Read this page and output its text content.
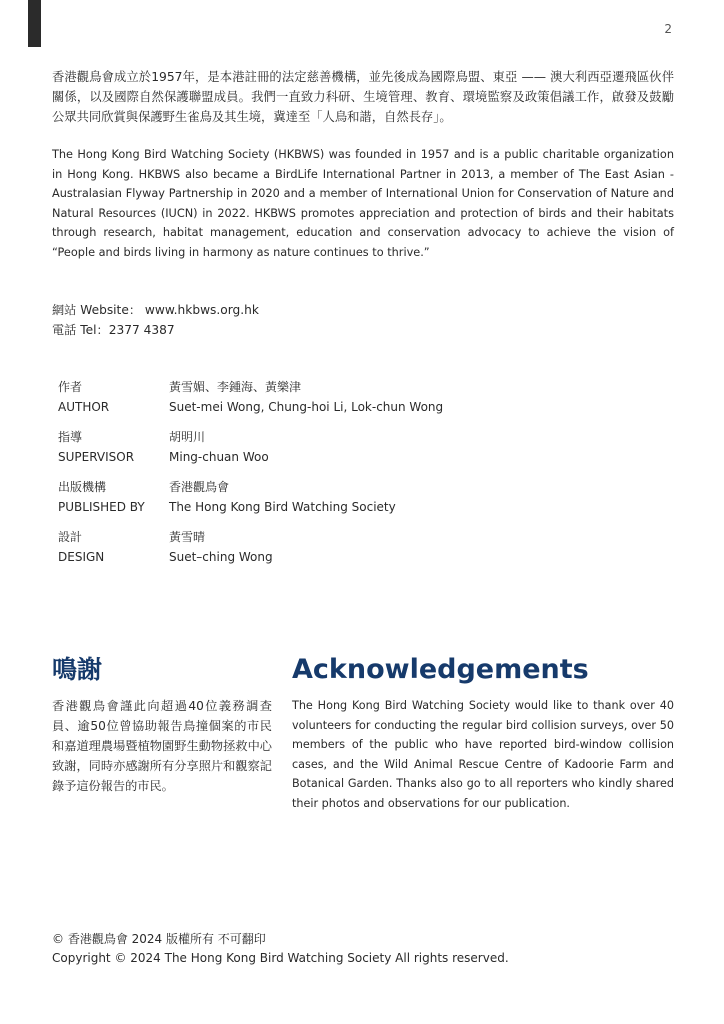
2

香港觀鳥會成立於1957年，是本港註冊的法定慈善機構，並先後成為國際鳥盟、東亞 —— 澳大利西亞遷飛區伙伴關係，以及國際自然保護聯盟成員。我們一直致力科研、生境管理、教育、環境監察及政策倡議工作，啟發及鼓勵公眾共同欣賞與保護野生雀鳥及其生境，冀達至「人鳥和諧，自然長存」。

The Hong Kong Bird Watching Society (HKBWS) was founded in 1957 and is a public charitable organization in Hong Kong. HKBWS also became a BirdLife International Partner in 2013, a member of The East Asian - Australasian Flyway Partnership in 2020 and a member of International Union for Conservation of Nature and Natural Resources (IUCN) in 2022. HKBWS promotes appreciation and protection of birds and their habitats through research, habitat management, education and conservation advocacy to achieve the vision of “People and birds living in harmony as nature continues to thrive.”

網站 Website： www.hkbws.org.hk
電話 Tel：2377 4387
作者
AUTHOR
黃雪媚、李鍾海、黃樂津
Suet-mei Wong, Chung-hoi Li, Lok-chun Wong
指導
SUPERVISOR
胡明川
Ming-chuan Woo
出版機構
PUBLISHED BY
香港觀鳥會
The Hong Kong Bird Watching Society
設計
DESIGN
黃雪晴
Suet–ching Wong
鳴謝

香港觀鳥會謹此向超過40位義務調查員、逾50位曾協助報告鳥撞個案的市民和嘉道理農場暨植物園野生動物拯救中心致謝，同時亦感謝所有分享照片和觀察記錄予這份報告的市民。

Acknowledgements

The Hong Kong Bird Watching Society would like to thank over 40 volunteers for conducting the regular bird collision surveys, over 50 members of the public who have reported bird-window collision cases, and the Wild Animal Rescue Centre of Kadoorie Farm and Botanical Garden. Thanks also go to all reporters who kindly shared their photos and observations for our publication.

© 香港觀鳥會 2024 版權所有 不可翻印
Copyright © 2024 The Hong Kong Bird Watching Society All rights reserved.
